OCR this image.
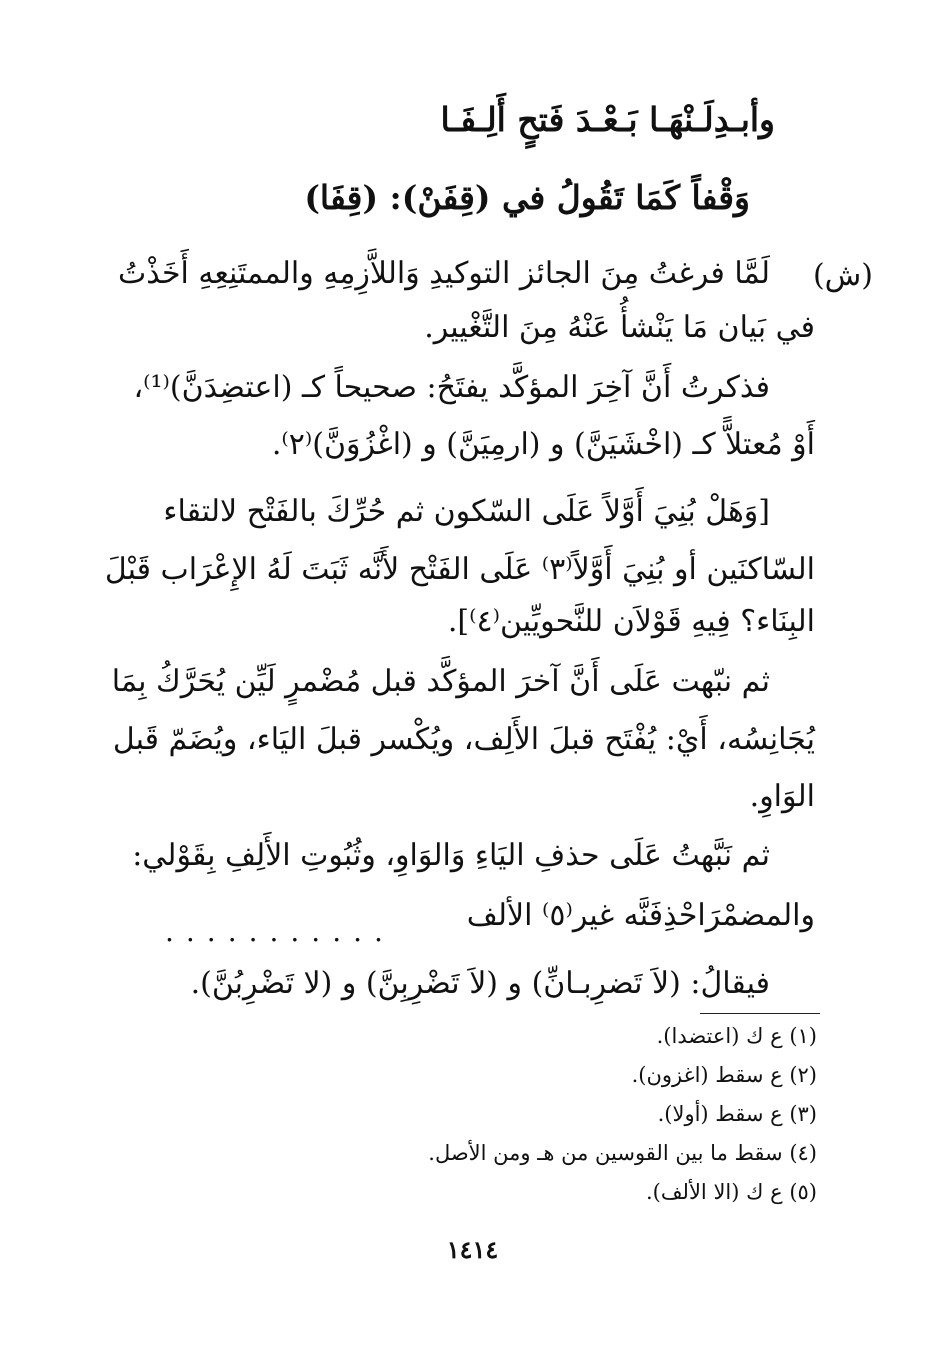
وأبـدِلَـنْهَـا بَـعْـدَ فَتحٍ أَلِـفَـا
وَقْفاً كَمَا تَقُولُ في (قِفَنْ): (قِفَا)
(ش)
لَمَّا فرغتُ مِنَ الجائز التوكيدِ وَاللاَّزِمِهِ والممتَنِعِهِ أَخَذْتُ
في بَيان مَا يَنْشأُ عَنْهُ مِنَ التَّغْيير.
فذكرتُ أَنَّ آخِرَ المؤكَّد يفتَحُ: صحيحاً كـ (اعتضِدَنَّ)⁽¹⁾،
أَوْ مُعتلاًّ كـ (اخْشَيَنَّ) و (ارمِيَنَّ) و (اغْزُوَنَّ)⁽٢⁾.
[وَهَلْ بُنِيَ أَوَّلاً عَلَى السّكون ثم حُرِّكَ بالفَتْح لالتقاء
السّاكنَين أو بُنِيَ أَوَّلاً⁽٣⁾ عَلَى الفَتْح لأَنَّه ثَبَتَ لَهُ الإِعْرَاب قَبْلَ
البِنَاء؟ فِيهِ قَوْلاَن للنَّحويِّين⁽٤⁾].
ثم نبّهت عَلَى أَنَّ آخرَ المؤكَّد قبل مُضْمرٍ لَيِّن يُحَرَّكُ بِمَا
يُجَانِسُه، أَيْ: يُفْتَح قبلَ الأَلِف، ويُكْسر قبلَ اليَاء، ويُضَمّ قَبل
الوَاوِ.
ثم نَبَّهتُ عَلَى حذفِ اليَاءِ وَالوَاوِ، وثُبُوتِ الأَلِفِ بِقَوْلي:
والمضمْرَاحْذِفَنَّه غير⁽٥⁾ الألف
...........
فيقالُ: (لاَ تَضرِبـانِّ) و (لاَ تَضْرِبِنَّ) و (لا تَضْرِبُنَّ).
(١) ع ك (اعتضدا).
(٢) ع سقط (اغزون).
(٣) ع سقط (أولا).
(٤) سقط ما بين القوسين من هـ ومن الأصل.
(٥) ع ك (الا الألف).
١٤١٤
